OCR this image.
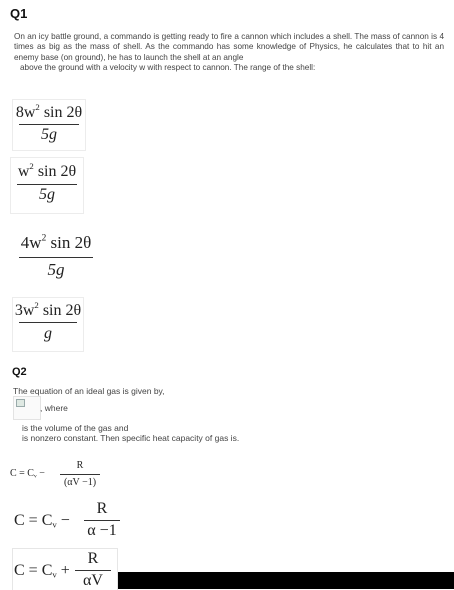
Q1
On an icy battle ground, a commando is getting ready to fire a cannon which includes a shell. The mass of cannon is 4 times as big as the mass of shell. As the commando has some knowledge of Physics, he calculates that to hit an enemy base (on ground), he has to launch the shell at an angle
above the ground with a velocity w with respect to cannon. The range of the shell:
$8w^2$ sin 2θ
5g
$w^2$ sin 2θ
5g
$4w^2$ sin 2θ
5g
$3w^2$ sin 2θ
g
Q2
The equation of an ideal gas is given by,
, where
is the volume of the gas and
is nonzero constant. Then specific heat capacity of gas is.
$C = C_v$ −
R
(αV −1)
$C = C_v$ −
R
α −1
$C = C_v$ +
R
αV
